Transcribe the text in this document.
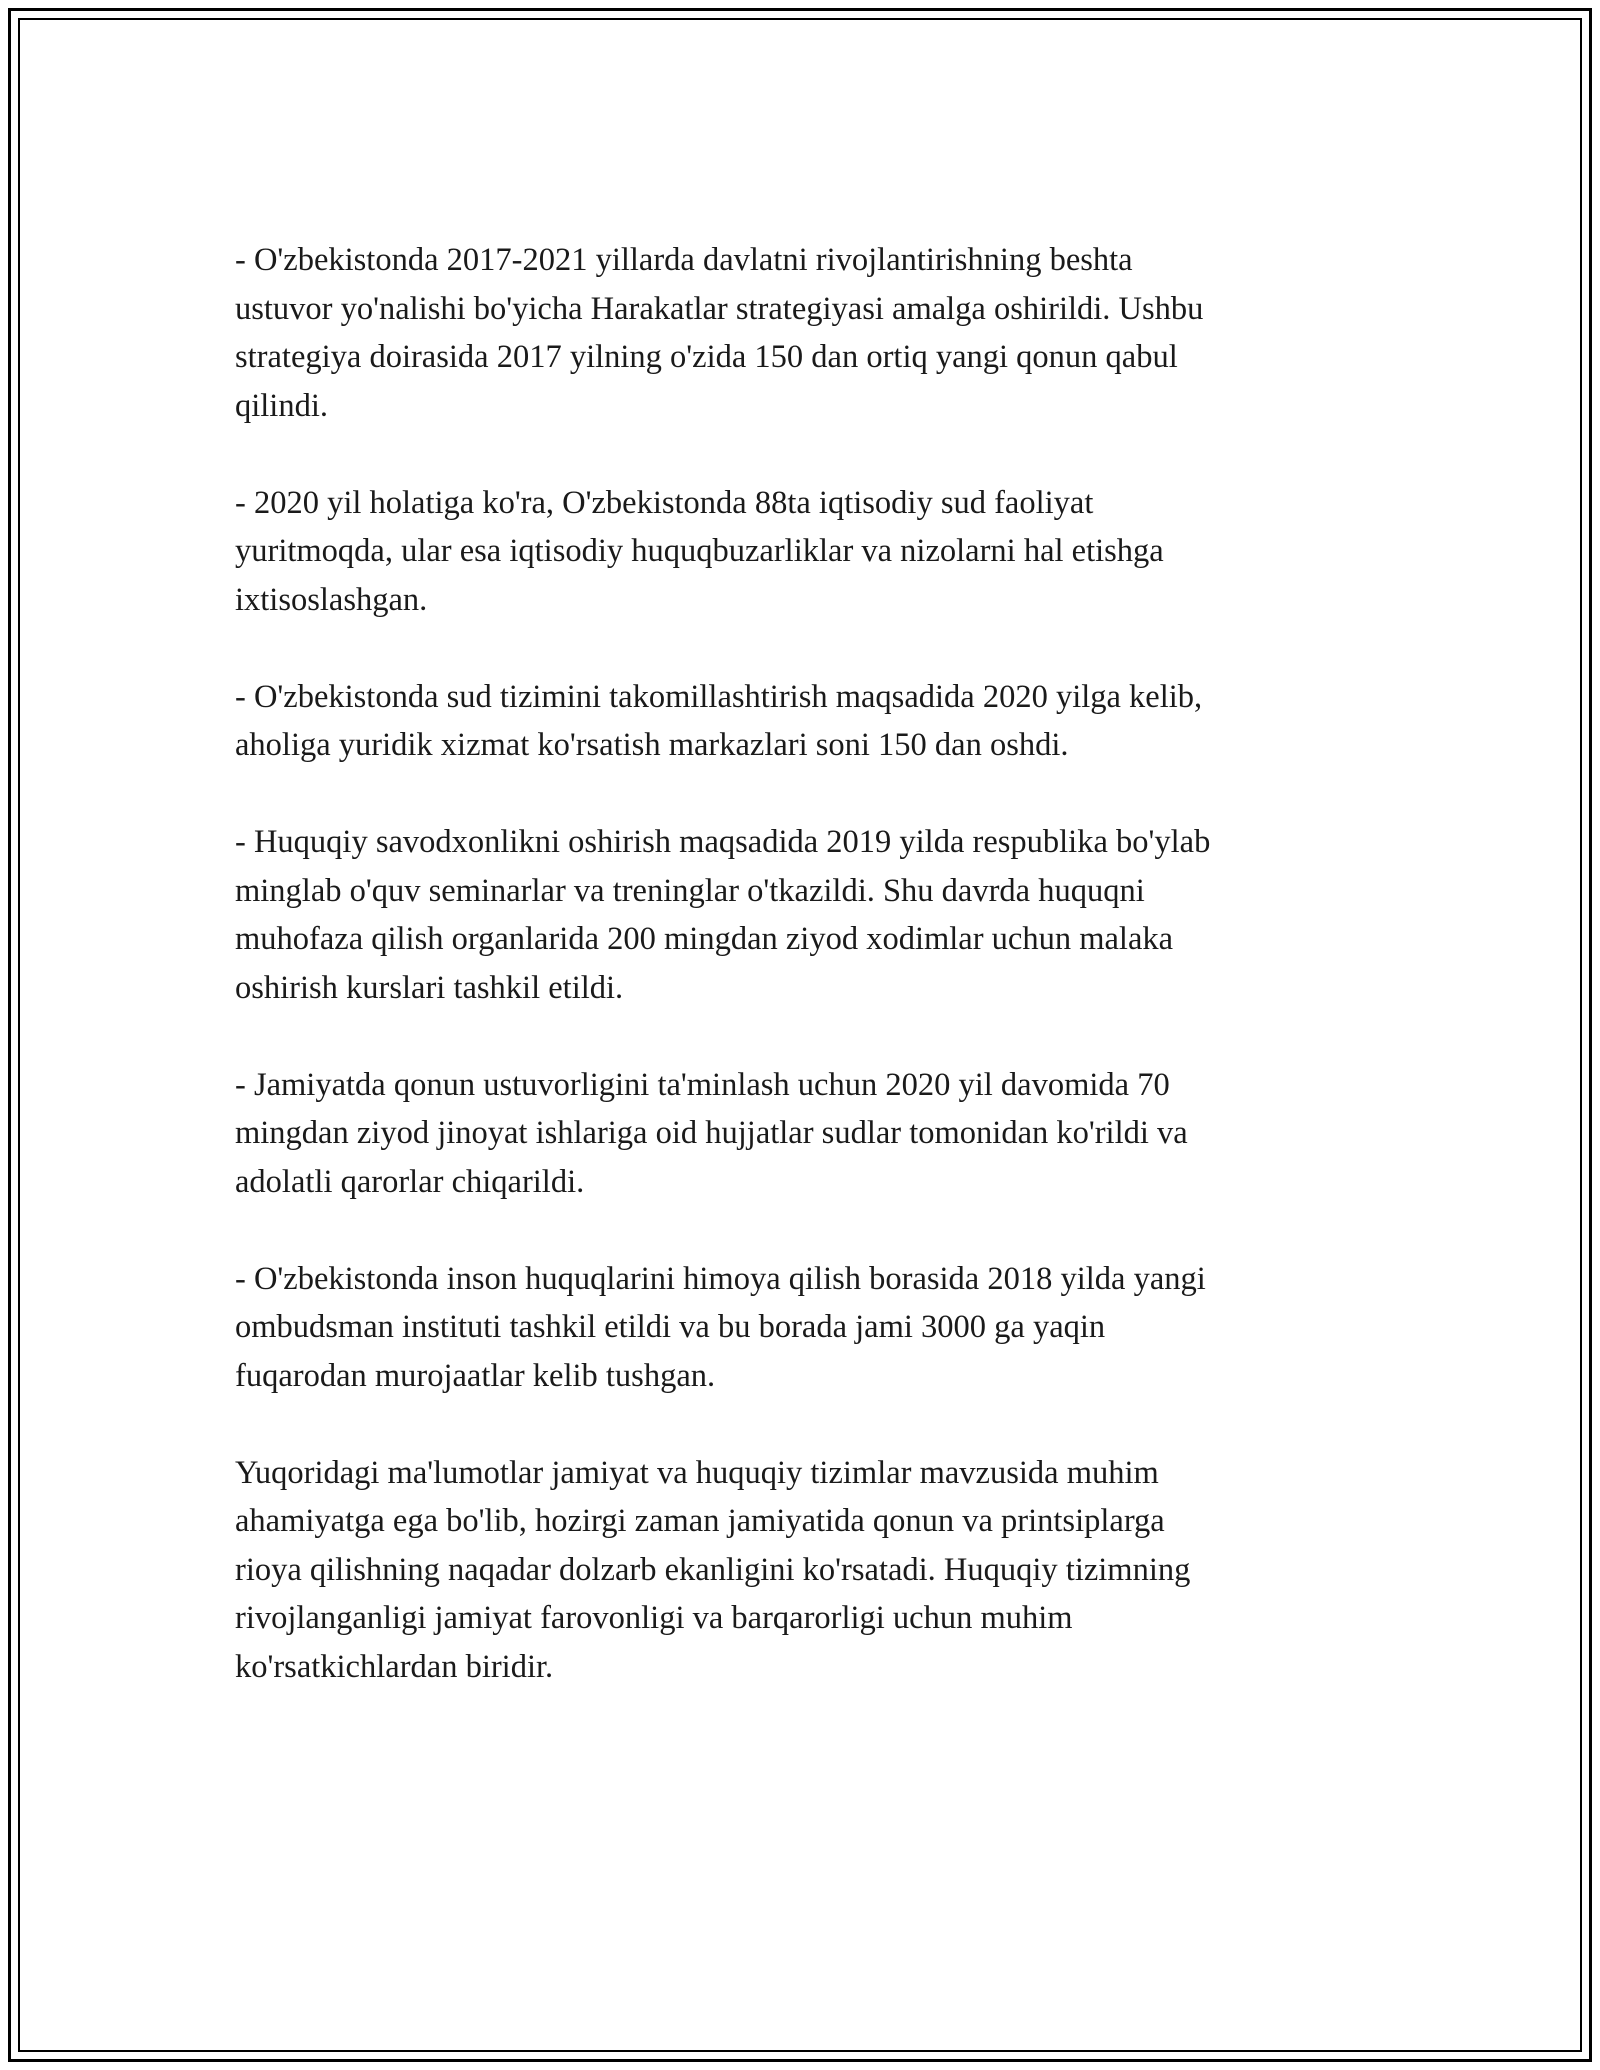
- O'zbekistonda 2017-2021 yillarda davlatni rivojlantirishning beshta
ustuvor yo'nalishi bo'yicha Harakatlar strategiyasi amalga oshirildi. Ushbu
strategiya doirasida 2017 yilning o'zida 150 dan ortiq yangi qonun qabul
qilindi.

- 2020 yil holatiga ko'ra, O'zbekistonda 88ta iqtisodiy sud faoliyat
yuritmoqda, ular esa iqtisodiy huquqbuzarliklar va nizolarni hal etishga
ixtisoslashgan.

- O'zbekistonda sud tizimini takomillashtirish maqsadida 2020 yilga kelib,
aholiga yuridik xizmat ko'rsatish markazlari soni 150 dan oshdi.

- Huquqiy savodxonlikni oshirish maqsadida 2019 yilda respublika bo'ylab
minglab o'quv seminarlar va treninglar o'tkazildi. Shu davrda huquqni
muhofaza qilish organlarida 200 mingdan ziyod xodimlar uchun malaka
oshirish kurslari tashkil etildi.

- Jamiyatda qonun ustuvorligini ta'minlash uchun 2020 yil davomida 70
mingdan ziyod jinoyat ishlariga oid hujjatlar sudlar tomonidan ko'rildi va
adolatli qarorlar chiqarildi.

- O'zbekistonda inson huquqlarini himoya qilish borasida 2018 yilda yangi
ombudsman instituti tashkil etildi va bu borada jami 3000 ga yaqin
fuqarodan murojaatlar kelib tushgan.

Yuqoridagi ma'lumotlar jamiyat va huquqiy tizimlar mavzusida muhim
ahamiyatga ega bo'lib, hozirgi zaman jamiyatida qonun va printsiplarga
rioya qilishning naqadar dolzarb ekanligini ko'rsatadi. Huquqiy tizimning
rivojlanganligi jamiyat farovonligi va barqarorligi uchun muhim
ko'rsatkichlardan biridir.
